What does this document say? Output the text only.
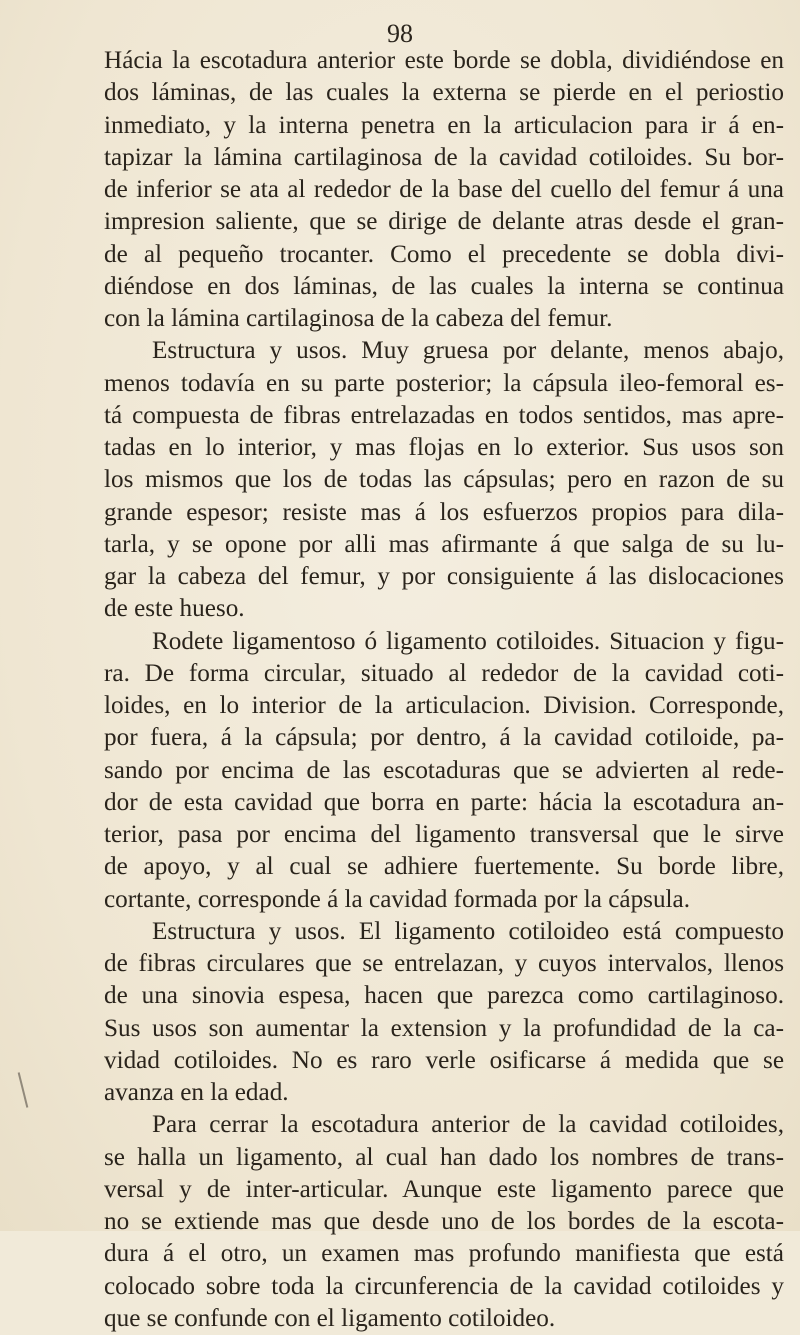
98
Hácia la escotadura anterior este borde se dobla, dividiéndose en
dos láminas, de las cuales la externa se pierde en el periostio
inmediato, y la interna penetra en la articulacion para ir á en-
tapizar la lámina cartilaginosa de la cavidad cotiloides. Su bor-
de inferior se ata al rededor de la base del cuello del femur á una
impresion saliente, que se dirige de delante atras desde el gran-
de al pequeño trocanter. Como el precedente se dobla divi-
diéndose en dos láminas, de las cuales la interna se continua
con la lámina cartilaginosa de la cabeza del femur.
Estructura y usos. Muy gruesa por delante, menos abajo,
menos todavía en su parte posterior; la cápsula ileo-femoral es-
tá compuesta de fibras entrelazadas en todos sentidos, mas apre-
tadas en lo interior, y mas flojas en lo exterior. Sus usos son
los mismos que los de todas las cápsulas; pero en razon de su
grande espesor; resiste mas á los esfuerzos propios para dila-
tarla, y se opone por alli mas afirmante á que salga de su lu-
gar la cabeza del femur, y por consiguiente á las dislocaciones
de este hueso.
Rodete ligamentoso ó ligamento cotiloides. Situacion y figu-
ra. De forma circular, situado al rededor de la cavidad coti-
loides, en lo interior de la articulacion. Division. Corresponde,
por fuera, á la cápsula; por dentro, á la cavidad cotiloide, pa-
sando por encima de las escotaduras que se advierten al rede-
dor de esta cavidad que borra en parte: hácia la escotadura an-
terior, pasa por encima del ligamento transversal que le sirve
de apoyo, y al cual se adhiere fuertemente. Su borde libre,
cortante, corresponde á la cavidad formada por la cápsula.
Estructura y usos. El ligamento cotiloideo está compuesto
de fibras circulares que se entrelazan, y cuyos intervalos, llenos
de una sinovia espesa, hacen que parezca como cartilaginoso.
Sus usos son aumentar la extension y la profundidad de la ca-
vidad cotiloides. No es raro verle osificarse á medida que se
avanza en la edad.
Para cerrar la escotadura anterior de la cavidad cotiloides,
se halla un ligamento, al cual han dado los nombres de trans-
versal y de inter-articular. Aunque este ligamento parece que
no se extiende mas que desde uno de los bordes de la escota-
dura á el otro, un examen mas profundo manifiesta que está
colocado sobre toda la circunferencia de la cavidad cotiloides y
que se confunde con el ligamento cotiloideo.
